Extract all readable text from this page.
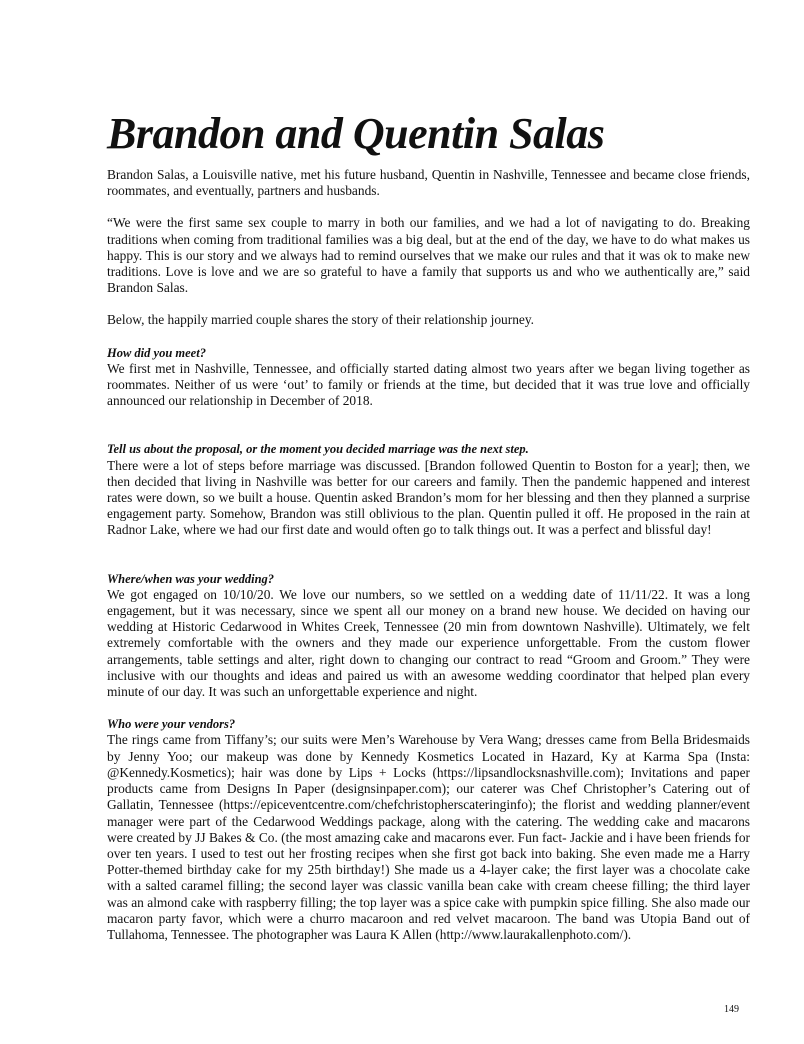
Brandon and Quentin Salas

Brandon Salas, a Louisville native, met his future husband, Quentin in Nashville, Tennessee and became close friends, roommates, and eventually, partners and husbands.

“We were the first same sex couple to marry in both our families, and we had a lot of navigating to do. Breaking traditions when coming from traditional families was a big deal, but at the end of the day, we have to do what makes us happy. This is our story and we always had to remind ourselves that we make our rules and that it was ok to make new traditions. Love is love and we are so grateful to have a family that supports us and who we authentically are,” said Brandon Salas.

Below, the happily married couple shares the story of their relationship journey.

How did you meet?

We first met in Nashville, Tennessee, and officially started dating almost two years after we began living together as roommates. Neither of us were ‘out’ to family or friends at the time, but decided that it was true love and officially announced our relationship in December of 2018.

Tell us about the proposal, or the moment you decided marriage was the next step.

There were a lot of steps before marriage was discussed. [Brandon followed Quentin to Boston for a year]; then, we then decided that living in Nashville was better for our careers and family. Then the pandemic happened and interest rates were down, so we built a house. Quentin asked Brandon’s mom for her blessing and then they planned a surprise engagement party. Somehow, Brandon was still oblivious to the plan. Quentin pulled it off. He proposed in the rain at Radnor Lake, where we had our first date and would often go to talk things out. It was a perfect and blissful day!

Where/when was your wedding?

We got engaged on 10/10/20. We love our numbers, so we settled on a wedding date of 11/11/22. It was a long engagement, but it was necessary, since we spent all our money on a brand new house. We decided on having our wedding at Historic Cedarwood in Whites Creek, Tennessee (20 min from downtown Nashville). Ultimately, we felt extremely comfortable with the owners and they made our experience unforgettable. From the custom flower arrangements, table settings and alter, right down to changing our contract to read “Groom and Groom.” They were inclusive with our thoughts and ideas and paired us with an awesome wedding coordinator that helped plan every minute of our day. It was such an unforgettable experience and night.

Who were your vendors?

The rings came from Tiffany’s; our suits were Men’s Warehouse by Vera Wang; dresses came from Bella Bridesmaids by Jenny Yoo; our makeup was done by Kennedy Kosmetics Located in Hazard, Ky at Karma Spa (Insta: @Kennedy.Kosmetics); hair was done by Lips + Locks (https://lipsandlocksnashville.com); Invitations and paper products came from Designs In Paper (designsinpaper.com); our caterer was Chef Christopher’s Catering out of Gallatin, Tennessee (https://epiceventcentre.com/chefchristopherscateringinfo); the florist and wedding planner/event manager were part of the Cedarwood Weddings package, along with the catering. The wedding cake and macarons were created by JJ Bakes & Co. (the most amazing cake and macarons ever. Fun fact- Jackie and i have been friends for over ten years. I used to test out her frosting recipes when she first got back into baking. She even made me a Harry Potter-themed birthday cake for my 25th birthday!) She made us a 4-layer cake; the first layer was a chocolate cake with a salted caramel filling; the second layer was classic vanilla bean cake with cream cheese filling; the third layer was an almond cake with raspberry filling; the top layer was a spice cake with pumpkin spice filling. She also made our macaron party favor, which were a churro macaroon and red velvet macaroon. The band was Utopia Band out of Tullahoma, Tennessee. The photographer was Laura K Allen (http://www.laurakallenphoto.com/).

149
